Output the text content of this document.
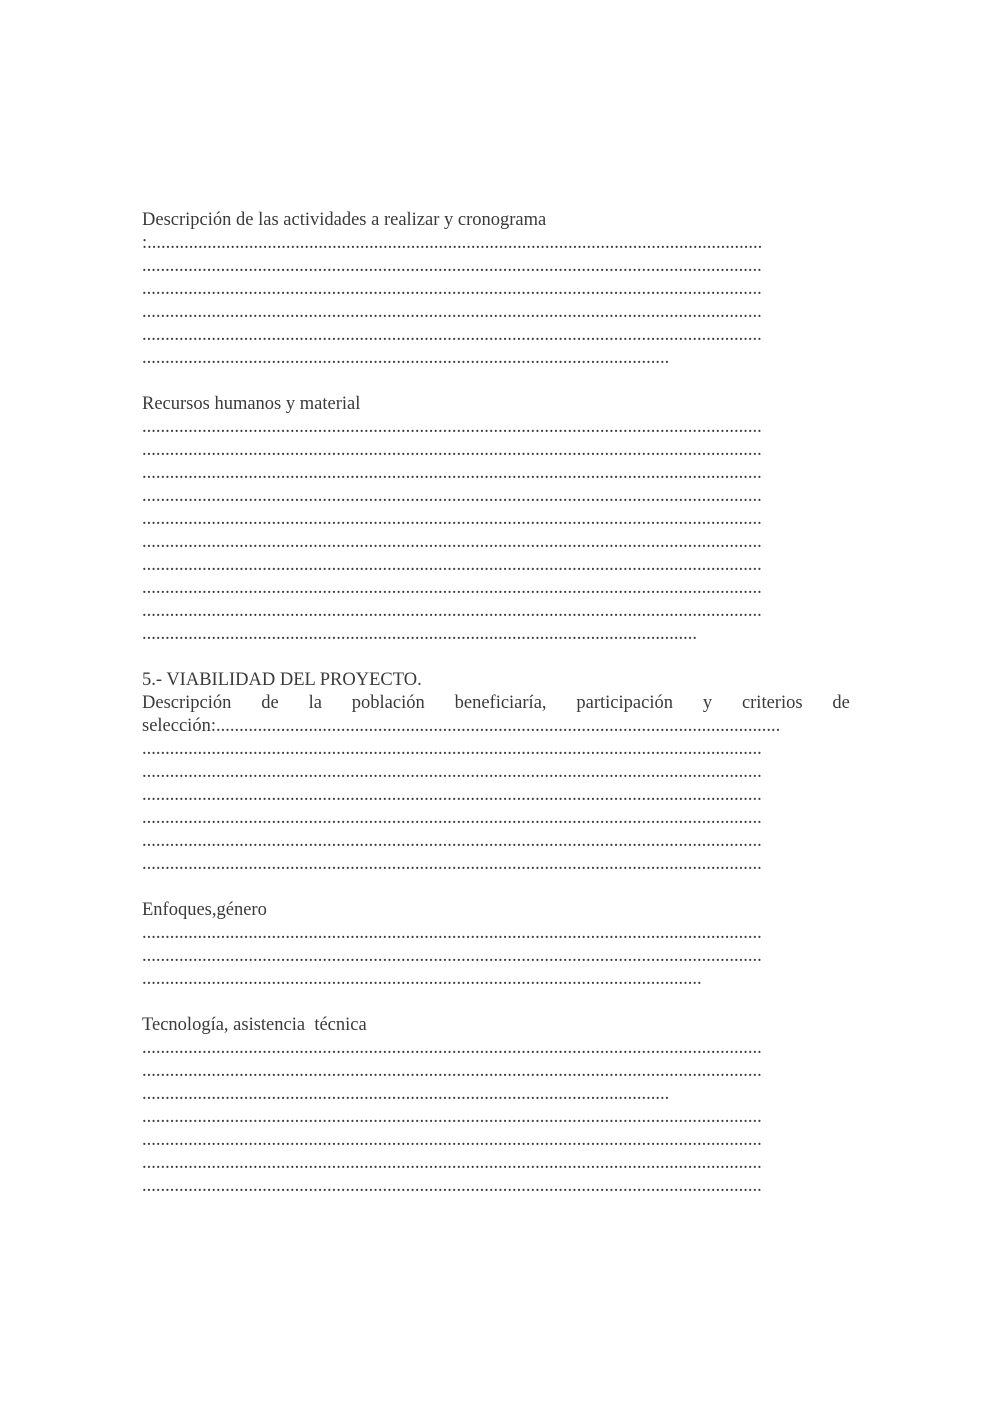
Descripción de las actividades a realizar y cronograma
:.....................................................................................................................................
......................................................................................................................................
......................................................................................................................................
......................................................................................................................................
......................................................................................................................................
..................................................................................................................
Recursos humanos y material
......................................................................................................................................
......................................................................................................................................
......................................................................................................................................
......................................................................................................................................
......................................................................................................................................
......................................................................................................................................
......................................................................................................................................
......................................................................................................................................
......................................................................................................................................
........................................................................................................................
5.- VIABILIDAD DEL PROYECTO.
Descripción de la población beneficiaría, participación y criterios de
selección:..........................................................................................................................
......................................................................................................................................
......................................................................................................................................
......................................................................................................................................
......................................................................................................................................
......................................................................................................................................
......................................................................................................................................
Enfoques,género
......................................................................................................................................
......................................................................................................................................
.........................................................................................................................
Tecnología, asistencia  técnica
......................................................................................................................................
......................................................................................................................................
..................................................................................................................
......................................................................................................................................
......................................................................................................................................
......................................................................................................................................
......................................................................................................................................
